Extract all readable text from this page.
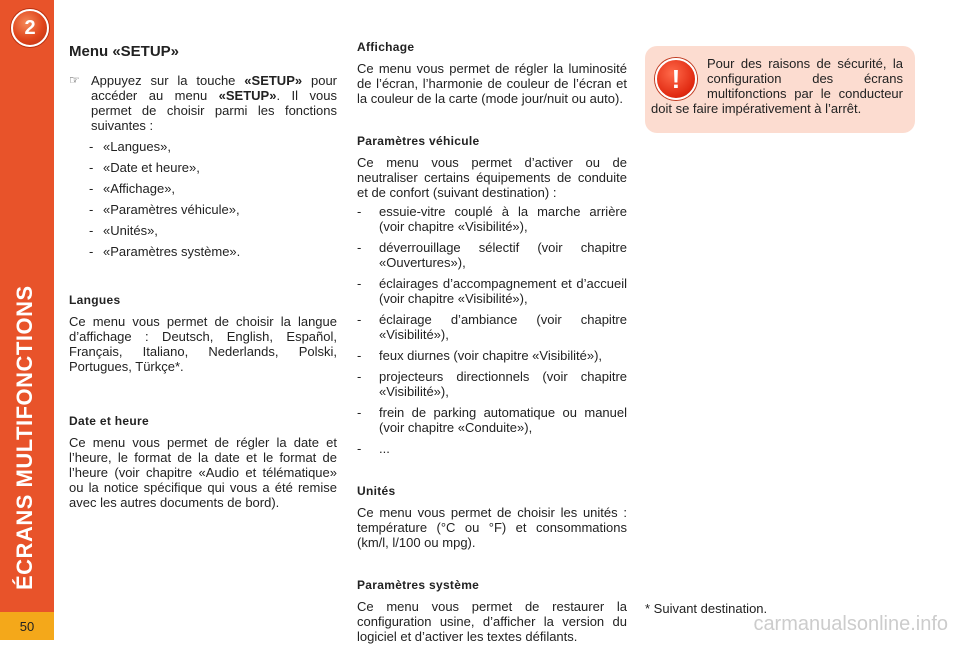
2
ÉCRANS MULTIFONCTIONS
50
Menu «SETUP»
☞ Appuyez sur la touche «SETUP» pour accéder au menu «SETUP». Il vous permet de choisir parmi les fonctions suivantes :
- «Langues»,
- «Date et heure»,
- «Affichage»,
- «Paramètres véhicule»,
- «Unités»,
- «Paramètres système».
Langues

Ce menu vous permet de choisir la langue d’affichage : Deutsch, English, Español, Français, Italiano, Nederlands, Polski, Portugues, Türkçe*.

Date et heure

Ce menu vous permet de régler la date et l’heure, le format de la date et le format de l’heure (voir chapitre «Audio et télématique» ou la notice spécifique qui vous a été remise avec les autres documents de bord).

Affichage

Ce menu vous permet de régler la luminosité de l’écran, l’harmonie de couleur de l’écran et la couleur de la carte (mode jour/nuit ou auto).

Paramètres véhicule

Ce menu vous permet d’activer ou de neutraliser certains équipements de conduite et de confort (suivant destination) :

-	essuie-vitre couplé à la marche arrière (voir chapitre «Visibilité»),
-	déverrouillage sélectif (voir chapitre «Ouvertures»),
-	éclairages d’accompagnement et d’accueil (voir chapitre «Visibilité»),
-	éclairage d’ambiance (voir chapitre «Visibilité»),
-	feux diurnes (voir chapitre «Visibilité»),
-	projecteurs directionnels (voir chapitre «Visibilité»),
-	frein de parking automatique ou manuel (voir chapitre «Conduite»),
-	...
Unités

Ce menu vous permet de choisir les unités : température (°C ou °F) et consommations (km/l, l/100 ou mpg).

Paramètres système

Ce menu vous permet de restaurer la configuration usine, d’afficher la version du logiciel et d’activer les textes défilants.

!	Pour des raisons de sécurité, la configuration des écrans multifonctions par le conducteur doit se faire impérativement à l’arrêt.
* Suivant destination.
carmanualsonline.info
